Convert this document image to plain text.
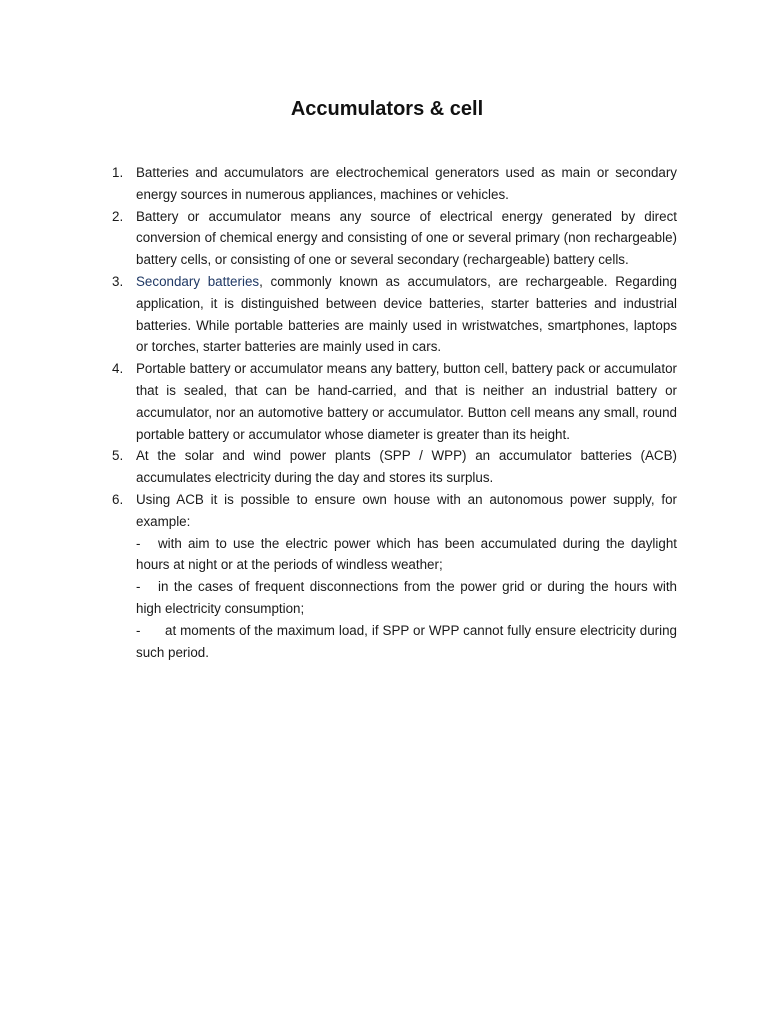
Accumulators & cell
1. Batteries and accumulators are electrochemical generators used as main or secondary energy sources in numerous appliances, machines or vehicles.
2. Battery or accumulator means any source of electrical energy generated by direct conversion of chemical energy and consisting of one or several primary (non rechargeable) battery cells, or consisting of one or several secondary (rechargeable) battery cells.
3. Secondary batteries, commonly known as accumulators, are rechargeable. Regarding application, it is distinguished between device batteries, starter batteries and industrial batteries. While portable batteries are mainly used in wristwatches, smartphones, laptops or torches, starter batteries are mainly used in cars.
4. Portable battery or accumulator means any battery, button cell, battery pack or accumulator that is sealed, that can be hand-carried, and that is neither an industrial battery or accumulator, nor an automotive battery or accumulator. Button cell means any small, round portable battery or accumulator whose diameter is greater than its height.
5. At the solar and wind power plants (SPP / WPP) an accumulator batteries (ACB) accumulates electricity during the day and stores its surplus.
6. Using ACB it is possible to ensure own house with an autonomous power supply, for example:
- with aim to use the electric power which has been accumulated during the daylight hours at night or at the periods of windless weather;
- in the cases of frequent disconnections from the power grid or during the hours with high electricity consumption;
- at moments of the maximum load, if SPP or WPP cannot fully ensure electricity during such period.
